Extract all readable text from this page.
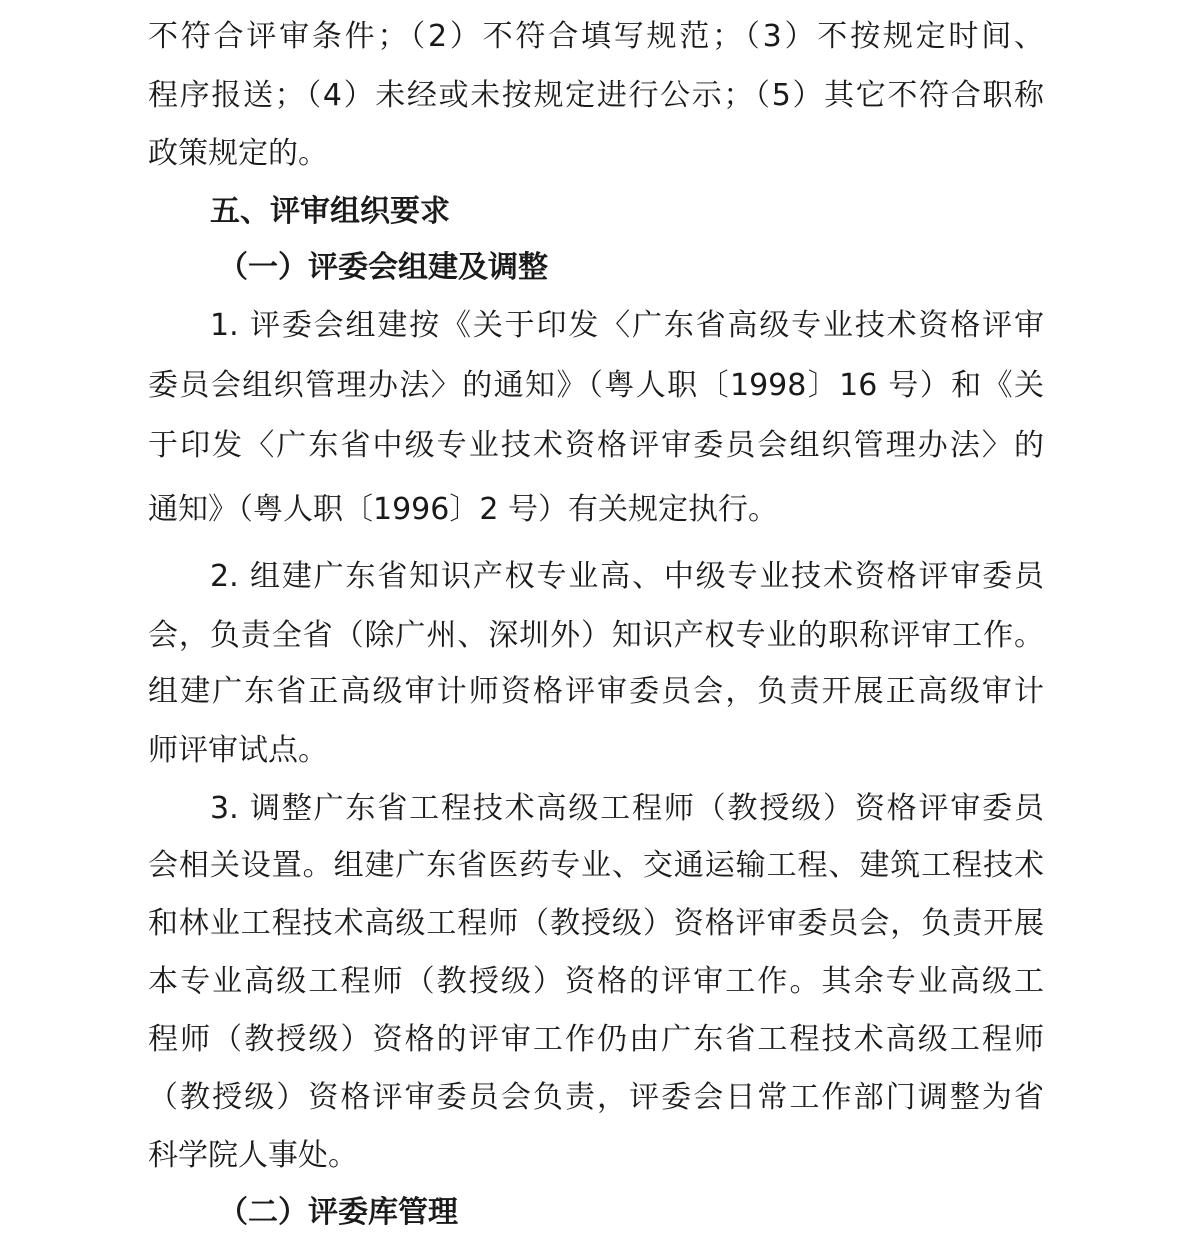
不符合评审条件；（2）不符合填写规范；（3）不按规定时间、
程序报送；（4）未经或未按规定进行公示；（5）其它不符合职称
政策规定的。
五、评审组织要求
（一）评委会组建及调整
1. 评委会组建按《关于印发〈广东省高级专业技术资格评审
委员会组织管理办法〉的通知》（粤人职〔1998〕16 号）和《关
于印发〈广东省中级专业技术资格评审委员会组织管理办法〉的
通知》（粤人职〔1996〕2 号）有关规定执行。
2. 组建广东省知识产权专业高、中级专业技术资格评审委员
会，负责全省（除广州、深圳外）知识产权专业的职称评审工作。
组建广东省正高级审计师资格评审委员会，负责开展正高级审计
师评审试点。
3. 调整广东省工程技术高级工程师（教授级）资格评审委员
会相关设置。组建广东省医药专业、交通运输工程、建筑工程技术
和林业工程技术高级工程师（教授级）资格评审委员会，负责开展
本专业高级工程师（教授级）资格的评审工作。其余专业高级工
程师（教授级）资格的评审工作仍由广东省工程技术高级工程师
（教授级）资格评审委员会负责，评委会日常工作部门调整为省
科学院人事处。
（二）评委库管理
